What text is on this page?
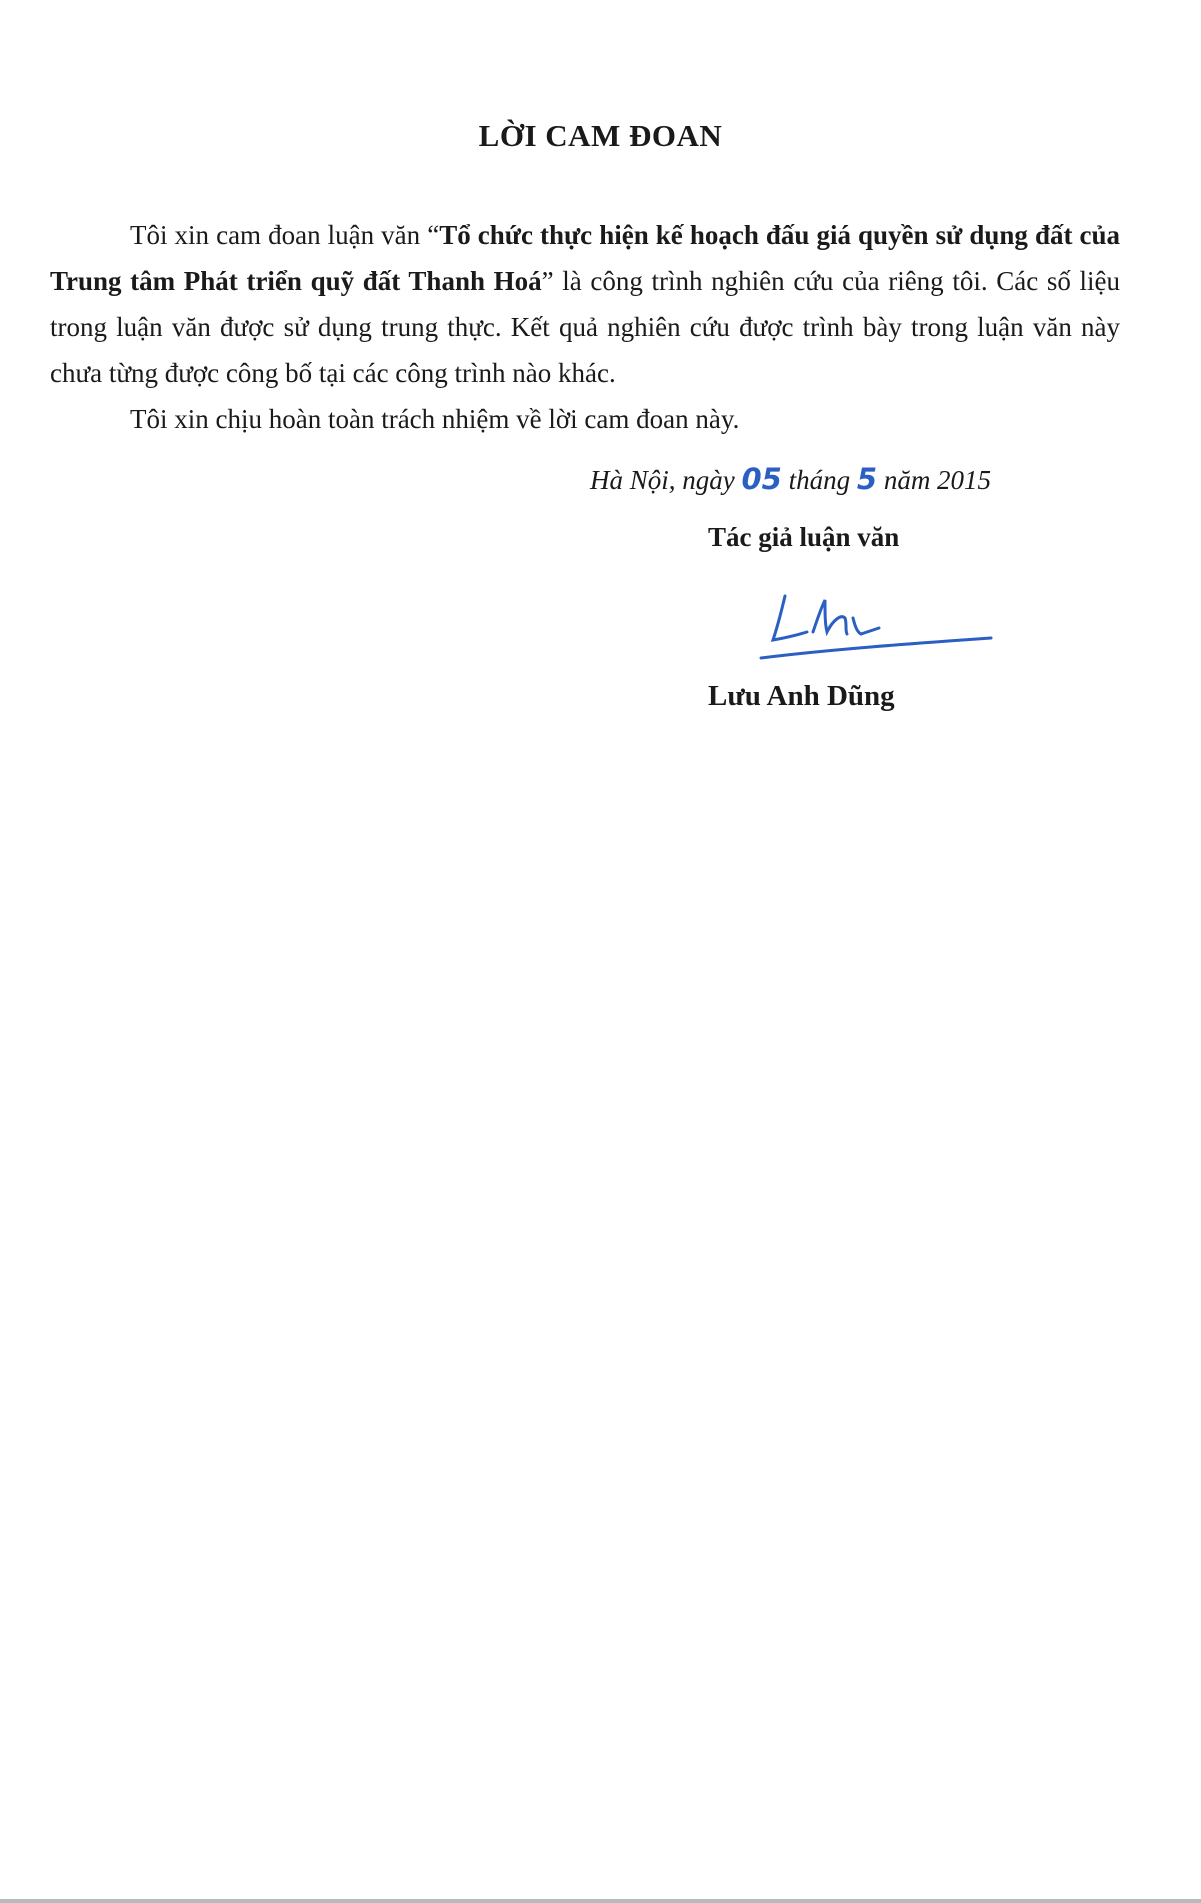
LỜI CAM ĐOAN

Tôi xin cam đoan luận văn “Tổ chức thực hiện kế hoạch đấu giá quyền sử dụng đất của Trung tâm Phát triển quỹ đất Thanh Hoá” là công trình nghiên cứu của riêng tôi. Các số liệu trong luận văn được sử dụng trung thực. Kết quả nghiên cứu được trình bày trong luận văn này chưa từng được công bố tại các công trình nào khác.

Tôi xin chịu hoàn toàn trách nhiệm về lời cam đoan này.

Hà Nội, ngày 05 tháng 5 năm 2015
Tác giả luận văn
Lưu Anh Dũng
